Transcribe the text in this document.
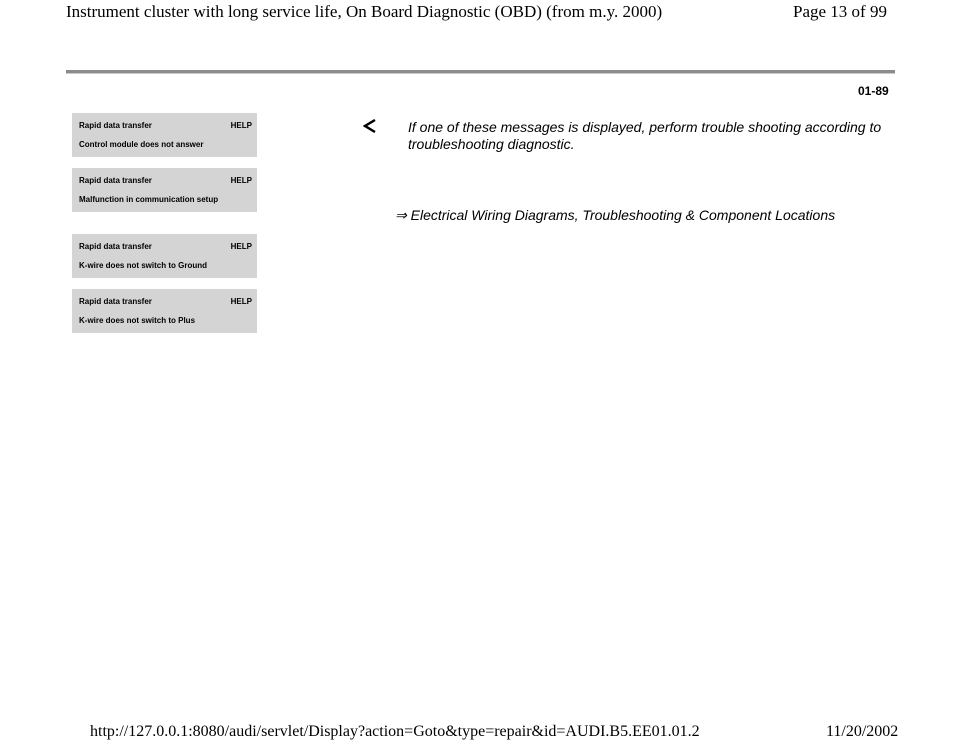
Instrument cluster with long service life, On Board Diagnostic (OBD) (from m.y. 2000)	Page 13 of 99
01-89
Rapid data transfer	HELP
Control module does not answer
Rapid data transfer	HELP
Malfunction in communication setup
Rapid data transfer	HELP
K-wire does not switch to Ground
Rapid data transfer	HELP
K-wire does not switch to Plus
If one of these messages is displayed, perform trouble shooting according to troubleshooting diagnostic.
⇒ Electrical Wiring Diagrams, Troubleshooting & Component Locations
http://127.0.0.1:8080/audi/servlet/Display?action=Goto&type=repair&id=AUDI.B5.EE01.01.2	11/20/2002
